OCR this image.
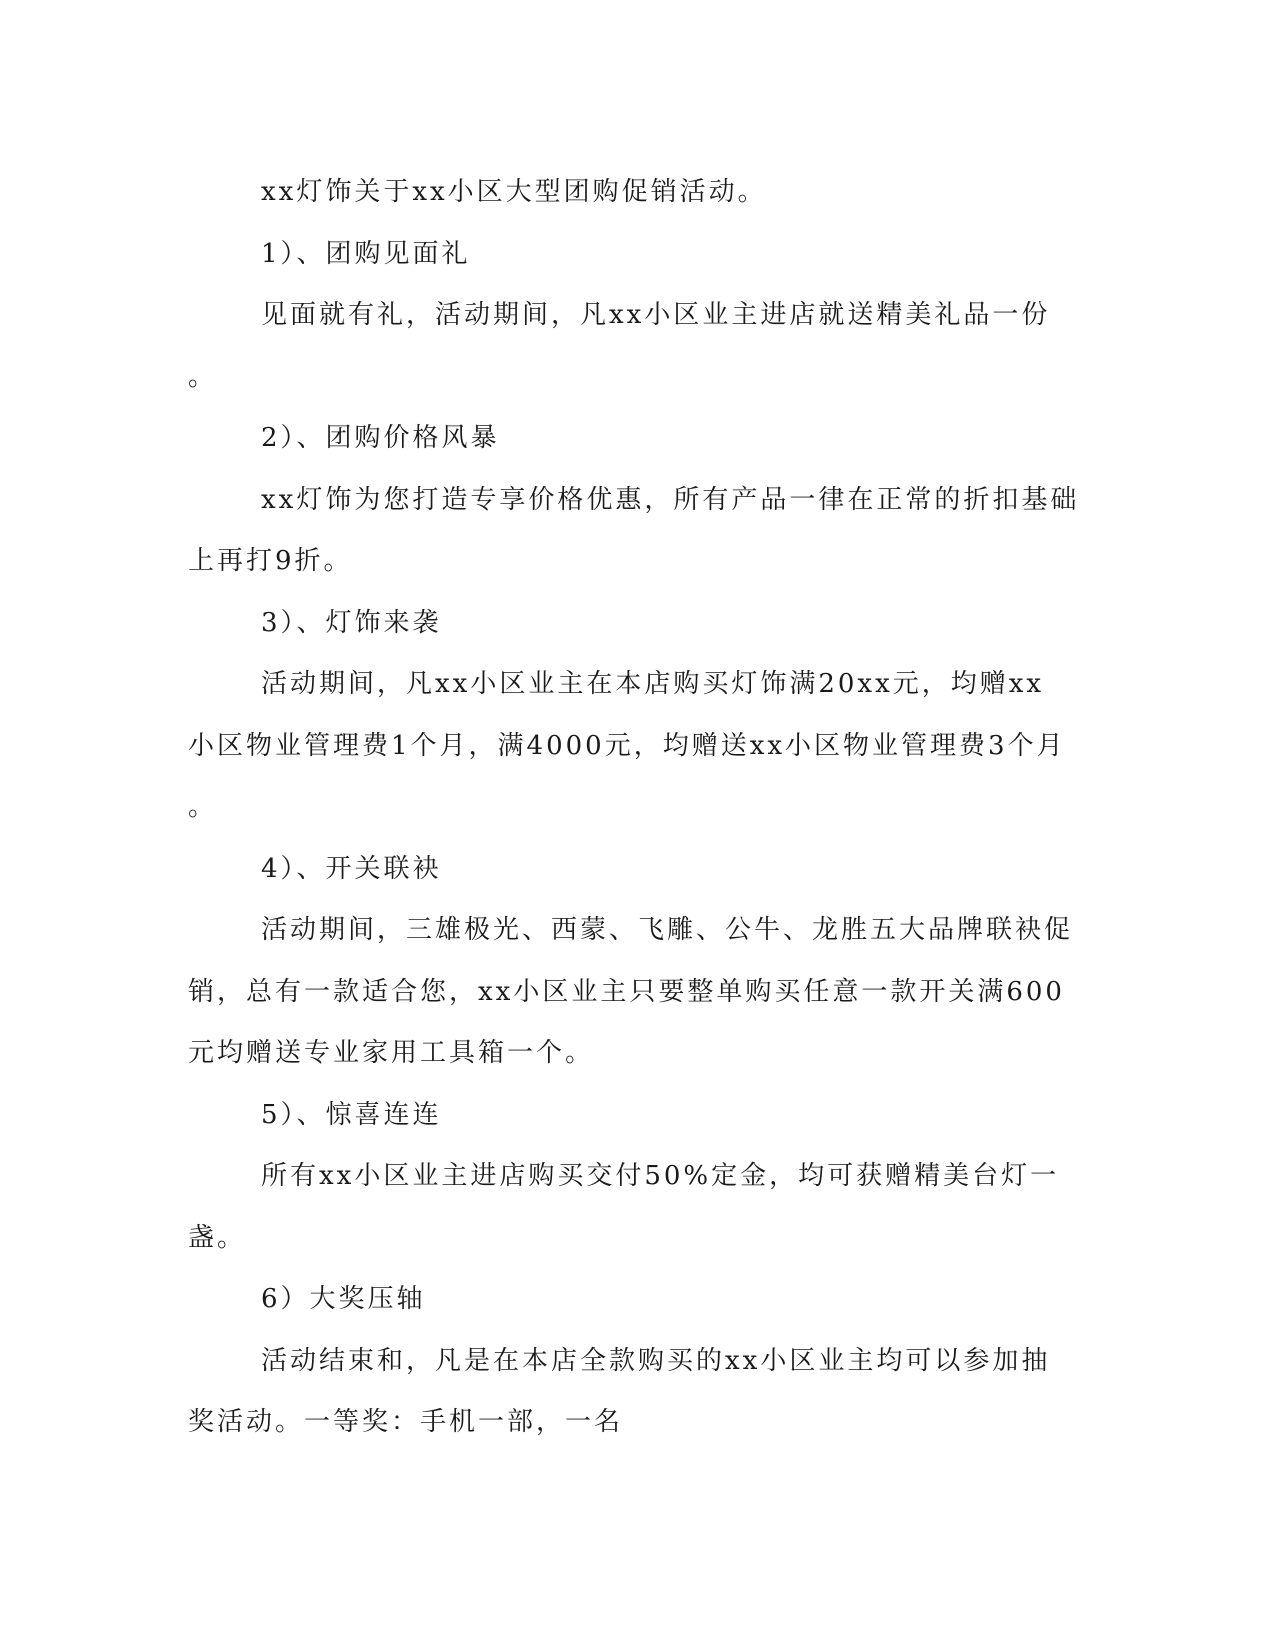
xx灯饰关于xx小区大型团购促销活动。
1）、团购见面礼
见面就有礼，活动期间，凡xx小区业主进店就送精美礼品一份
。
2）、团购价格风暴
xx灯饰为您打造专享价格优惠，所有产品一律在正常的折扣基础
上再打9折。
3）、灯饰来袭
活动期间，凡xx小区业主在本店购买灯饰满20xx元，均赠xx
小区物业管理费1个月，满4000元，均赠送xx小区物业管理费3个月
。
4）、开关联袂
活动期间，三雄极光、西蒙、飞雕、公牛、龙胜五大品牌联袂促
销，总有一款适合您，xx小区业主只要整单购买任意一款开关满600
元均赠送专业家用工具箱一个。
5）、惊喜连连
所有xx小区业主进店购买交付50%定金，均可获赠精美台灯一
盏。
6）大奖压轴
活动结束和，凡是在本店全款购买的xx小区业主均可以参加抽
奖活动。一等奖：手机一部，一名
